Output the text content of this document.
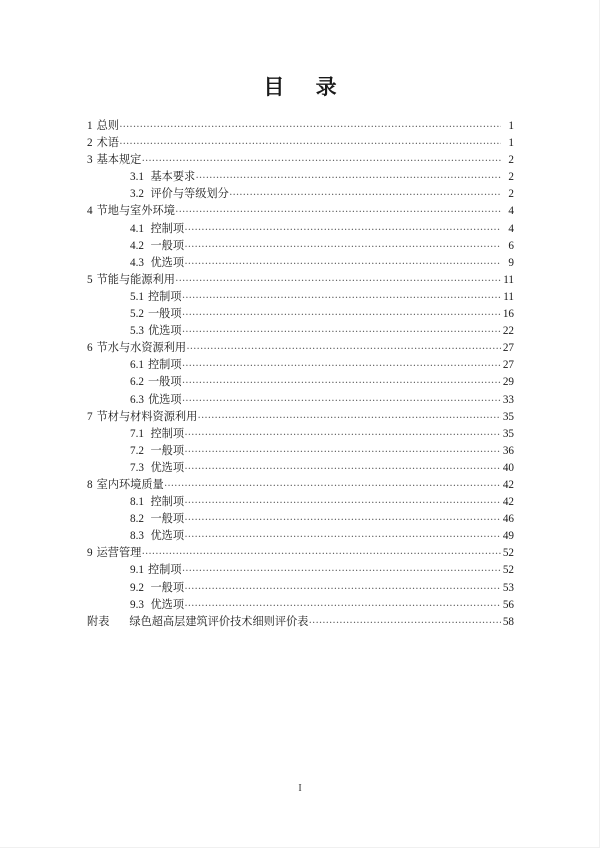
目 录
1 总则 .....	1
2 术语 .....	1
3 基本规定 .....	2
3.1 基本要求 .....	2
3.2 评价与等级划分 .....	2
4 节地与室外环境 .....	4
4.1 控制项 .....	4
4.2 一般项 .....	6
4.3 优选项 .....	9
5 节能与能源利用 .....	11
5.1 控制项 .....	11
5.2 一般项 .....	16
5.3 优选项 .....	22
6 节水与水资源利用 .....	27
6.1 控制项 .....	27
6.2 一般项 .....	29
6.3 优选项 .....	33
7 节材与材料资源利用 .....	35
7.1 控制项 .....	35
7.2 一般项 .....	36
7.3 优选项 .....	40
8 室内环境质量 .....	42
8.1 控制项 .....	42
8.2 一般项 .....	46
8.3 优选项 .....	49
9 运营管理 .....	52
9.1 控制项 .....	52
9.2 一般项 .....	53
9.3 优选项 .....	56
附表 绿色超高层建筑评价技术细则评价表 .....	58
I
